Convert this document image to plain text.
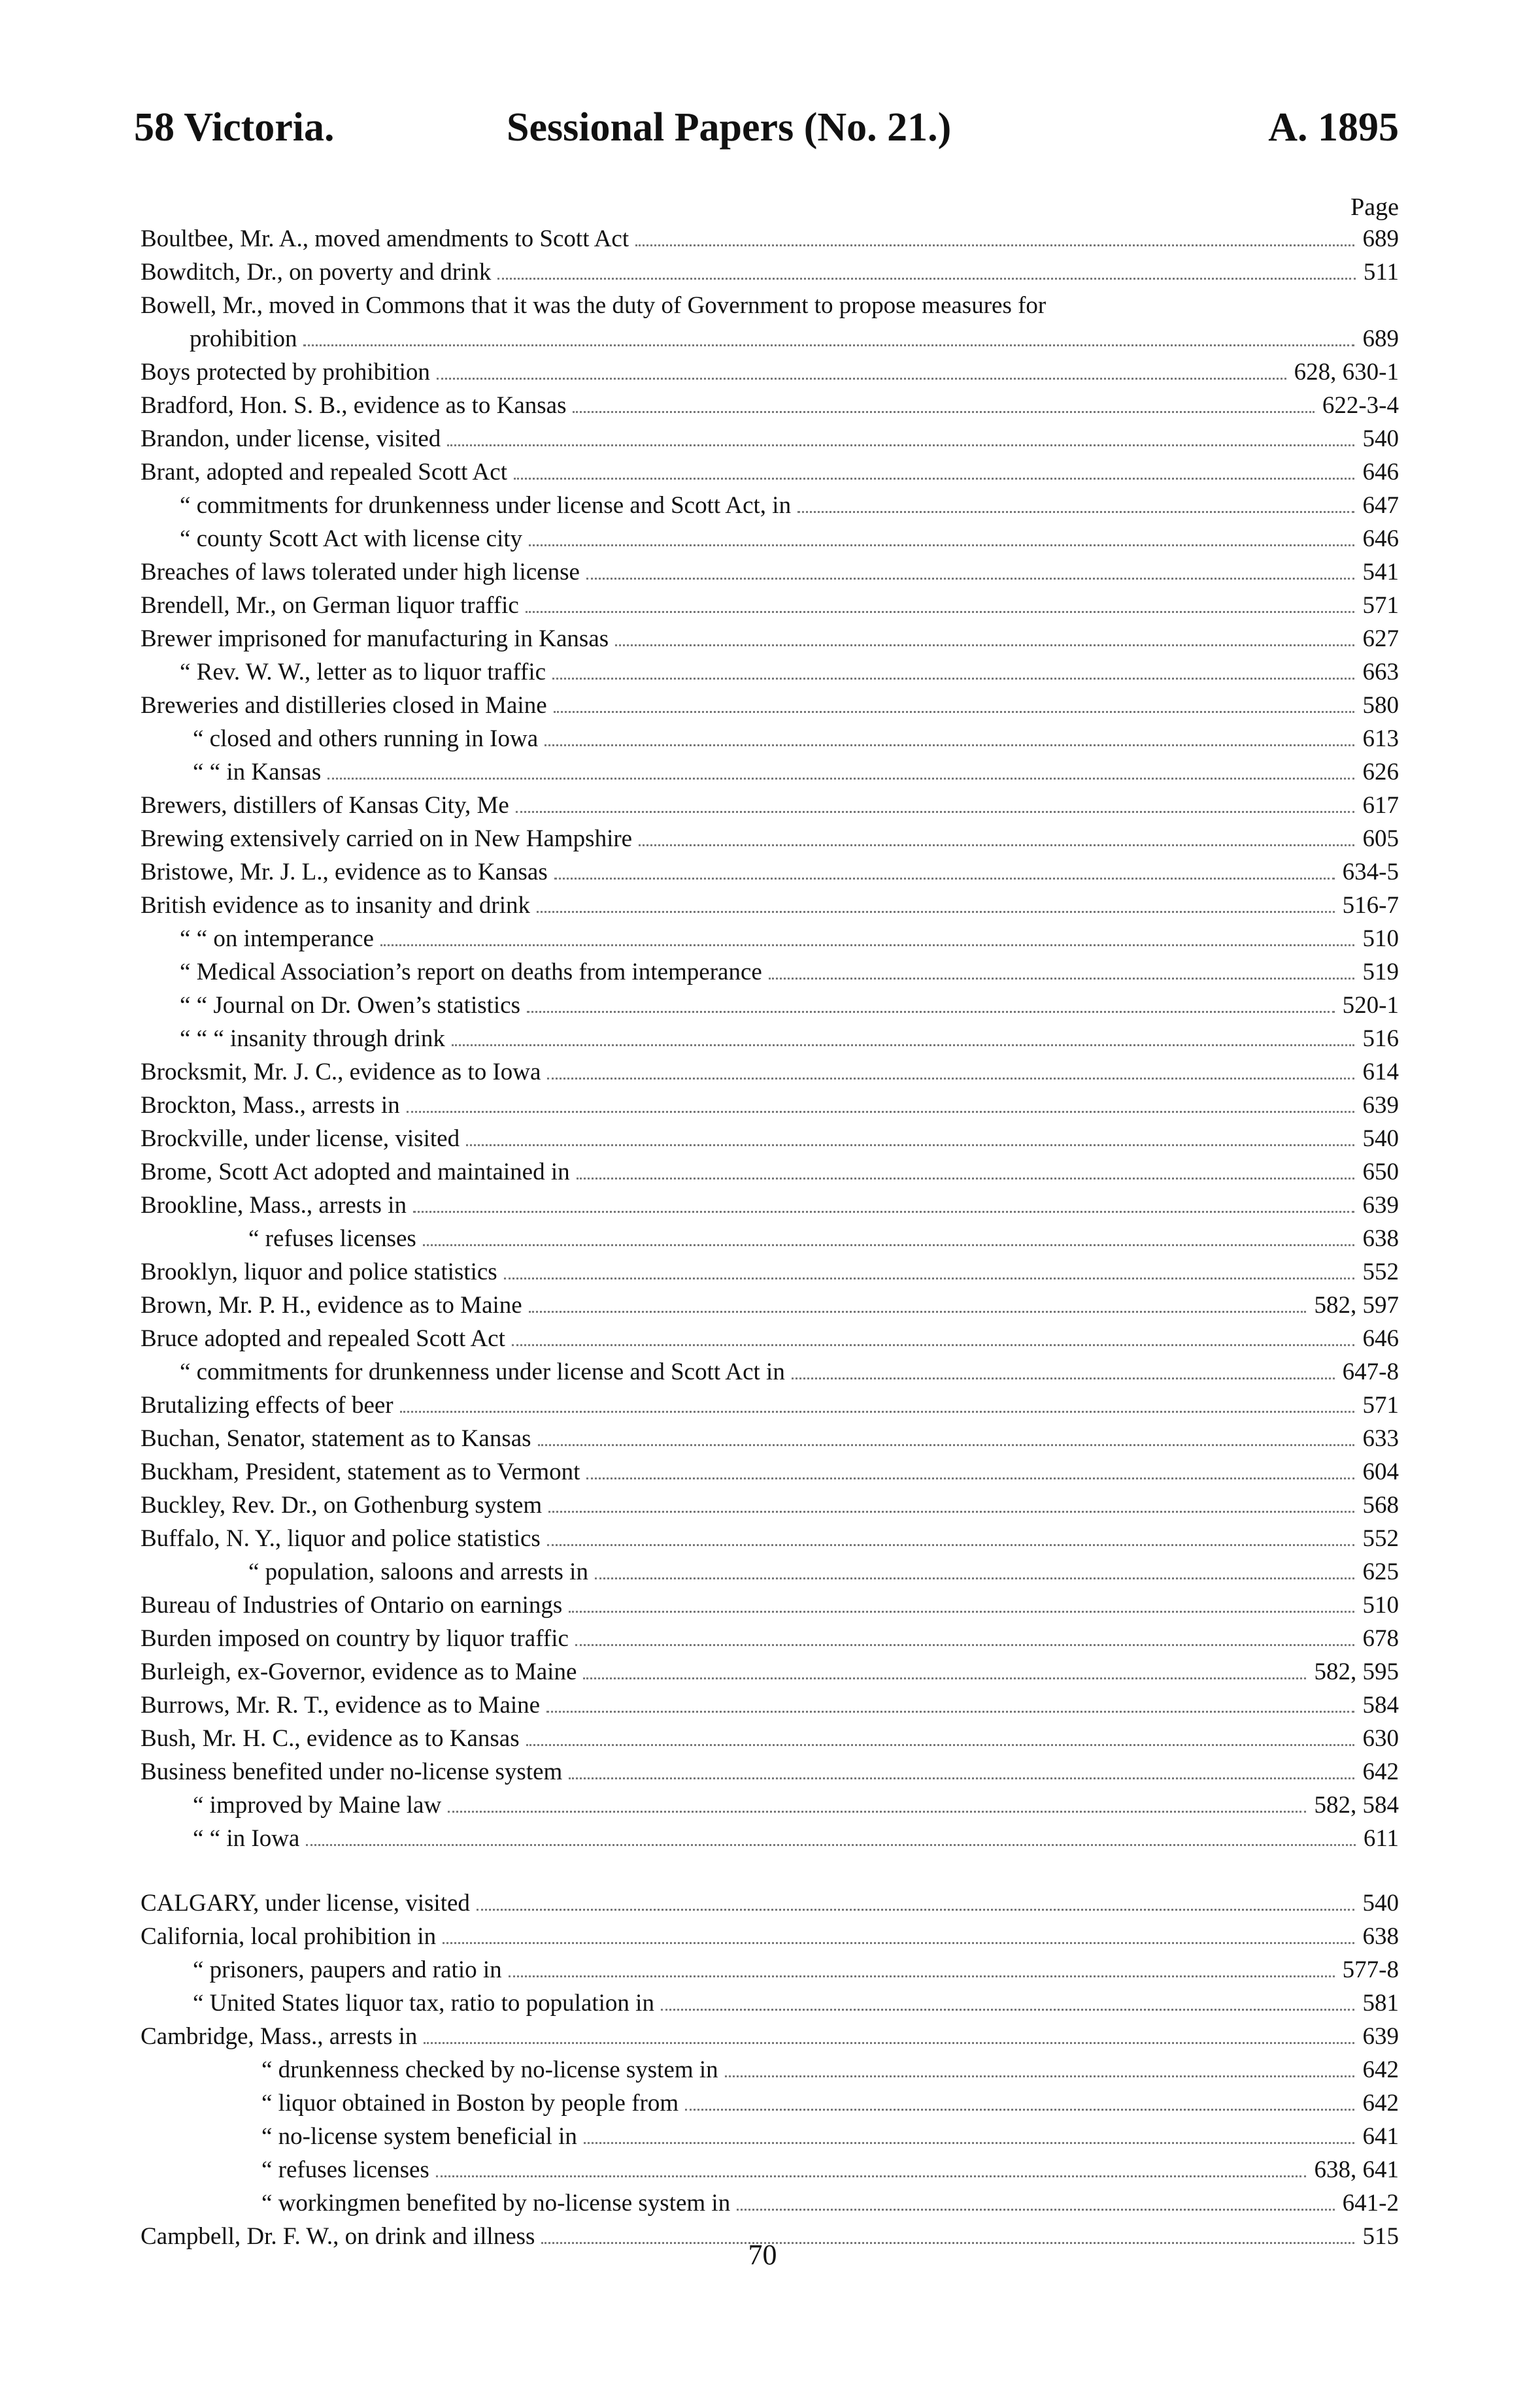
58 Victoria.	Sessional Papers (No. 21.)	A. 1895
Page
Boultbee, Mr. A., moved amendments to Scott Act	689
Bowditch, Dr., on poverty and drink	511
Bowell, Mr., moved in Commons that it was the duty of Government to propose measures for
prohibition	689
Boys protected by prohibition	628, 630-1
Bradford, Hon. S. B., evidence as to Kansas	622-3-4
Brandon, under license, visited	540
Brant, adopted and repealed Scott Act	646
“ commitments for drunkenness under license and Scott Act, in	647
“ county Scott Act with license city	646
Breaches of laws tolerated under high license	541
Brendell, Mr., on German liquor traffic	571
Brewer imprisoned for manufacturing in Kansas	627
“ Rev. W. W., letter as to liquor traffic	663
Breweries and distilleries closed in Maine	580
“ closed and others running in Iowa	613
“ “ in Kansas	626
Brewers, distillers of Kansas City, Me	617
Brewing extensively carried on in New Hampshire	605
Bristowe, Mr. J. L., evidence as to Kansas	634-5
British evidence as to insanity and drink	516-7
“ “ on intemperance	510
“ Medical Association’s report on deaths from intemperance	519
“ “ Journal on Dr. Owen’s statistics	520-1
“ “ “ insanity through drink	516
Brocksmit, Mr. J. C., evidence as to Iowa	614
Brockton, Mass., arrests in	639
Brockville, under license, visited	540
Brome, Scott Act adopted and maintained in	650
Brookline, Mass., arrests in	639
“ refuses licenses	638
Brooklyn, liquor and police statistics	552
Brown, Mr. P. H., evidence as to Maine	582, 597
Bruce adopted and repealed Scott Act	646
“ commitments for drunkenness under license and Scott Act in	647-8
Brutalizing effects of beer	571
Buchan, Senator, statement as to Kansas	633
Buckham, President, statement as to Vermont	604
Buckley, Rev. Dr., on Gothenburg system	568
Buffalo, N. Y., liquor and police statistics	552
“ population, saloons and arrests in	625
Bureau of Industries of Ontario on earnings	510
Burden imposed on country by liquor traffic	678
Burleigh, ex-Governor, evidence as to Maine	582, 595
Burrows, Mr. R. T., evidence as to Maine	584
Bush, Mr. H. C., evidence as to Kansas	630
Business benefited under no-license system	642
“ improved by Maine law	582, 584
“ “ in Iowa	611
CALGARY, under license, visited	540
California, local prohibition in	638
“ prisoners, paupers and ratio in	577-8
“ United States liquor tax, ratio to population in	581
Cambridge, Mass., arrests in	639
“ drunkenness checked by no-license system in	642
“ liquor obtained in Boston by people from	642
“ no-license system beneficial in	641
“ refuses licenses	638, 641
“ workingmen benefited by no-license system in	641-2
Campbell, Dr. F. W., on drink and illness	515
70
